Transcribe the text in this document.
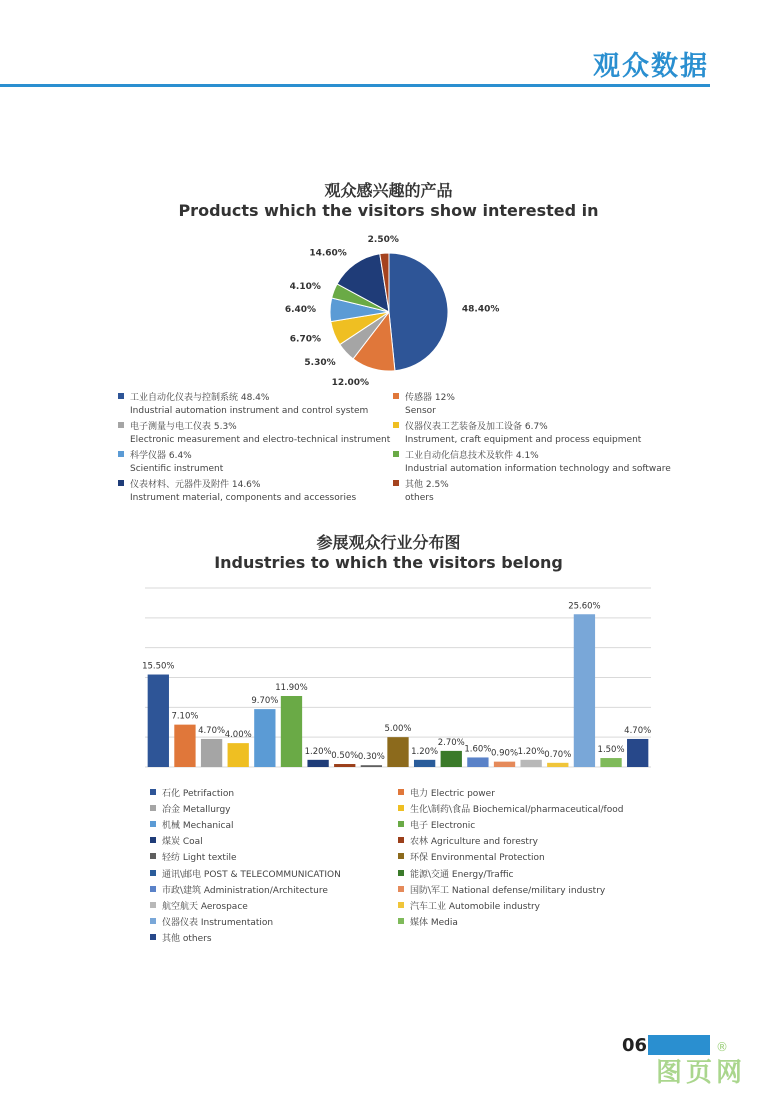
观众数据
观众感兴趣的产品
Products which the visitors show interested in
48.40%
12.00%
5.30%
6.70%
6.40%
4.10%
14.60%
2.50%
工业自动化仪表与控制系统 48.4%
Industrial automation instrument and control system
传感器 12%
Sensor
电子测量与电工仪表 5.3%
Electronic measurement and electro-technical instrument
仪器仪表工艺装备及加工设备 6.7%
Instrument, craft equipment and process equipment
科学仪器 6.4%
Scientific instrument
工业自动化信息技术及软件 4.1%
Industrial automation information technology and software
仪表材料、元器件及附件 14.6%
Instrument material, components and accessories
其他 2.5%
others
参展观众行业分布图
Industries to which the visitors belong
15.50%
7.10%
4.70% 4.00%
9.70%
11.90%
1.20% 0.50% 0.30%
5.00%
1.20%
2.70%
1.60% 0.90% 1.20% 0.70%
25.60%
1.50%
4.70%
石化 Petrifaction	电力 Electric power
冶金 Metallurgy	生化\制药\食品 Biochemical/pharmaceutical/food
机械 Mechanical	电子 Electronic
煤炭 Coal	农林 Agriculture and forestry
轻纺 Light textile	环保 Environmental Protection
通讯\邮电 POST & TELECOMMUNICATION	能源\交通 Energy/Traffic
市政\建筑 Administration/Architecture	国防\军工 National defense/military industry
航空航天 Aerospace	汽车工业 Automobile industry
仪器仪表 Instrumentation	媒体 Media
其他 others
06
图页网
®
